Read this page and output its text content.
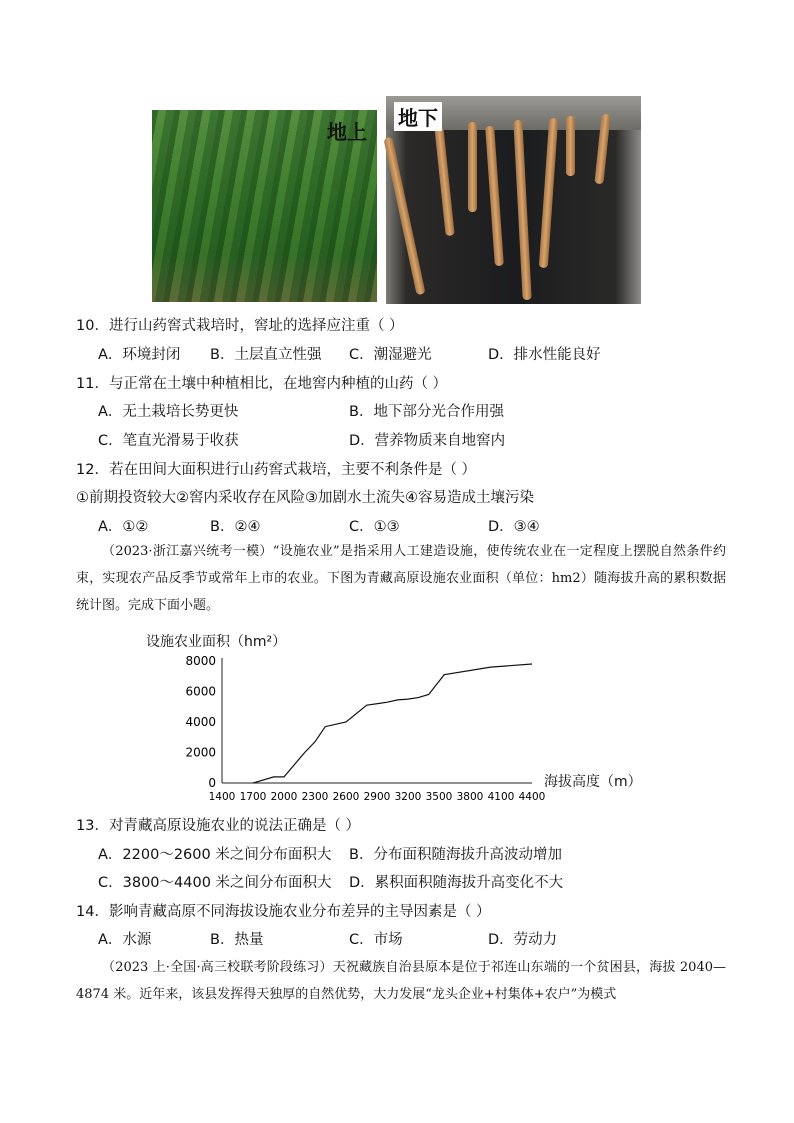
地上
地下
10．进行山药窖式栽培时，窖址的选择应注重（ ）
A．环境封闭 B．土层直立性强 C．潮湿避光	D．排水性能良好
11．与正常在土壤中种植相比，在地窖内种植的山药（ ）
A．无土栽培长势更快	B．地下部分光合作用强
C．笔直光滑易于收获	D．营养物质来自地窖内
12．若在田间大面积进行山药窖式栽培，主要不利条件是（ ）
①前期投资较大②窖内采收存在风险③加剧水土流失④容易造成土壤污染
A．①②	B．②④	C．①③	D．③④
（2023·浙江嘉兴统考一模）“设施农业”是指采用人工建造设施，使传统农业在一定程度上摆脱自然条件约束，实现农产品反季节或常年上市的农业。下图为青藏高原设施农业面积（单位：hm2）随海拔升高的累积数据统计图。完成下面小题。
设施农业面积（hm²）
海拔高度（m）
0
2000
4000
6000
8000
1400 1700 2000 2300 2600 2900 3200 3500 3800 4100 4400
13．对青藏高原设施农业的说法正确是（ ）
A．2200～2600 米之间分布面积大 B．分布面积随海拔升高波动增加
C．3800～4400 米之间分布面积大 D．累积面积随海拔升高变化不大
14．影响青藏高原不同海拔设施农业分布差异的主导因素是（ ）
A．水源	B．热量	C．市场	D．劳动力
（2023 上·全国·高三校联考阶段练习）天祝藏族自治县原本是位于祁连山东端的一个贫困县，海拔 2040—4874 米。近年来，该县发挥得天独厚的自然优势，大力发展“龙头企业+村集体+农户”为模式
